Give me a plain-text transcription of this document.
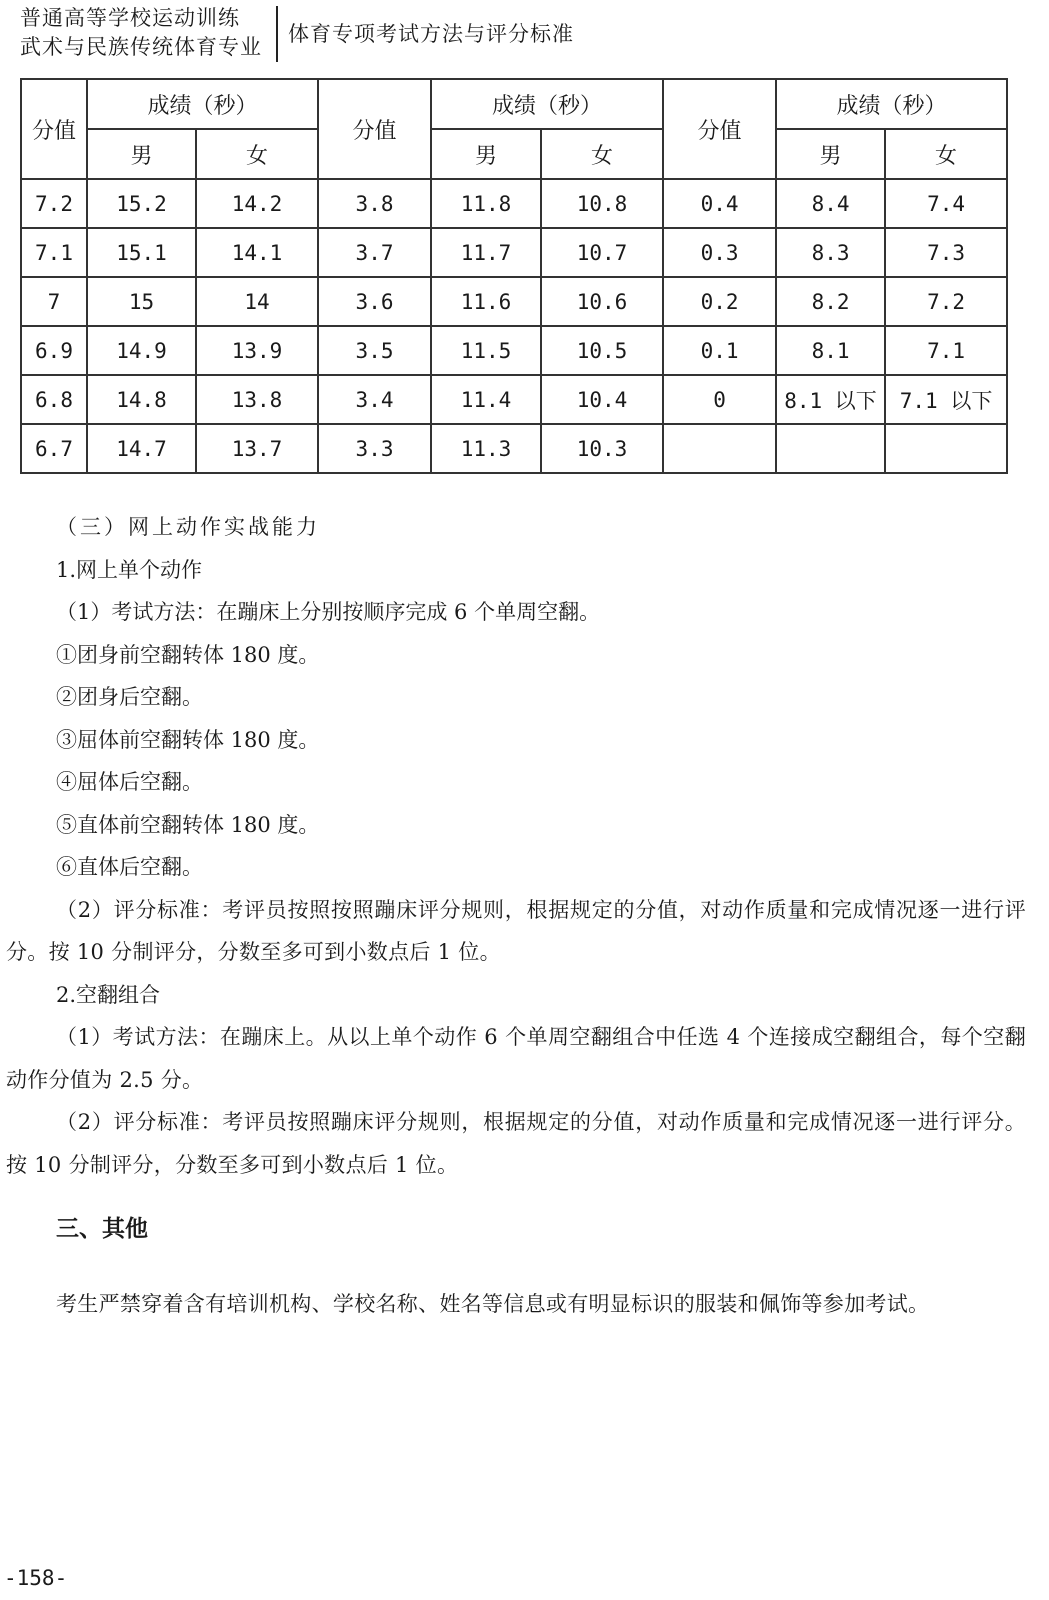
普通高等学校运动训练
武术与民族传统体育专业
体育专项考试方法与评分标准
分值	成绩（秒）		分值	成绩（秒）		分值	成绩（秒）	
	男	女		男	女		男	女
7.2	15.2	14.2	3.8	11.8	10.8	0.4	8.4	7.4
7.1	15.1	14.1	3.7	11.7	10.7	0.3	8.3	7.3
7	15	14	3.6	11.6	10.6	0.2	8.2	7.2
6.9	14.9	13.9	3.5	11.5	10.5	0.1	8.1	7.1
6.8	14.8	13.8	3.4	11.4	10.4	0	8.1 以下	7.1 以下
6.7	14.7	13.7	3.3	11.3	10.3			

（三）网上动作实战能力

1.网上单个动作

（1）考试方法：在蹦床上分别按顺序完成 6 个单周空翻。

①团身前空翻转体 180 度。

②团身后空翻。

③屈体前空翻转体 180 度。

④屈体后空翻。

⑤直体前空翻转体 180 度。

⑥直体后空翻。

（2）评分标准：考评员按照按照蹦床评分规则，根据规定的分值，对动作质量和完成情况逐一进行评分。按 10 分制评分，分数至多可到小数点后 1 位。

2.空翻组合

（1）考试方法：在蹦床上。从以上单个动作 6 个单周空翻组合中任选 4 个连接成空翻组合，每个空翻动作分值为 2.5 分。

（2）评分标准：考评员按照蹦床评分规则，根据规定的分值，对动作质量和完成情况逐一进行评分。按 10 分制评分，分数至多可到小数点后 1 位。

三、其他

考生严禁穿着含有培训机构、学校名称、姓名等信息或有明显标识的服装和佩饰等参加考试。

-158-
